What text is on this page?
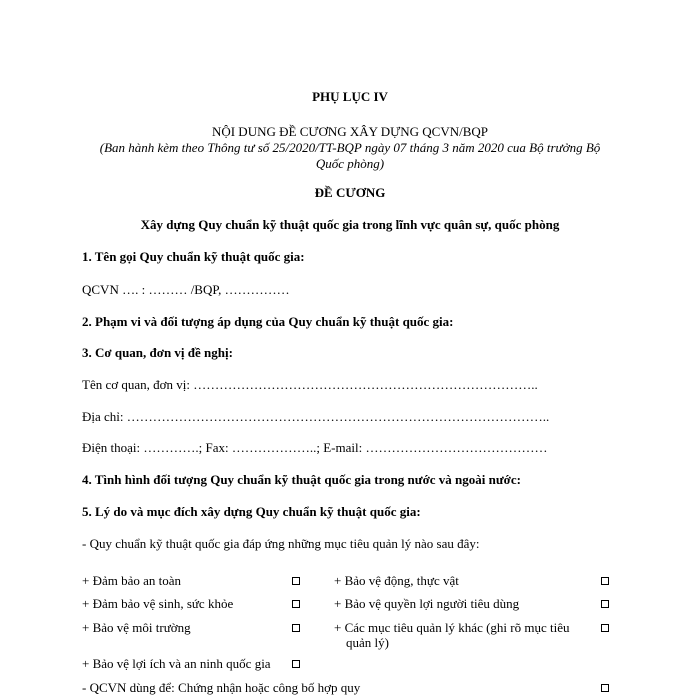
PHỤ LỤC IV
NỘI DUNG ĐỀ CƯƠNG XÂY DỰNG QCVN/BQP
(Ban hành kèm theo Thông tư số 25/2020/TT-BQP ngày 07 tháng 3 năm 2020 cua Bộ trưởng Bộ
Quốc phòng)
ĐỀ CƯƠNG
Xây dựng Quy chuẩn kỹ thuật quốc gia trong lĩnh vực quân sự, quốc phòng
1. Tên gọi Quy chuẩn kỹ thuật quốc gia:
QCVN …. : ……… /BQP, ……………
2. Phạm vi và đối tượng áp dụng của Quy chuẩn kỹ thuật quốc gia:
3. Cơ quan, đơn vị đề nghị:
Tên cơ quan, đơn vị: ……………………………………………………………………..
Địa chỉ: ……………………………………………………………………………………..
Điện thoại: ………….; Fax: ………………..; E-mail: ……………………………………
4. Tình hình đối tượng Quy chuẩn kỹ thuật quốc gia trong nước và ngoài nước:
5. Lý do và mục đích xây dựng Quy chuẩn kỹ thuật quốc gia:
- Quy chuẩn kỹ thuật quốc gia đáp ứng những mục tiêu quản lý nào sau đây:
+ Đảm bảo an toàn
+ Đảm bảo vệ sinh, sức khỏe
+ Bảo vệ môi trường
+ Bảo vệ lợi ích và an ninh quốc gia
+ Bảo vệ động, thực vật
+ Bảo vệ quyền lợi người tiêu dùng
+ Các mục tiêu quản lý khác (ghi rõ mục tiêu
quản lý)
- QCVN dùng để: Chứng nhận hoặc công bố hợp quy
